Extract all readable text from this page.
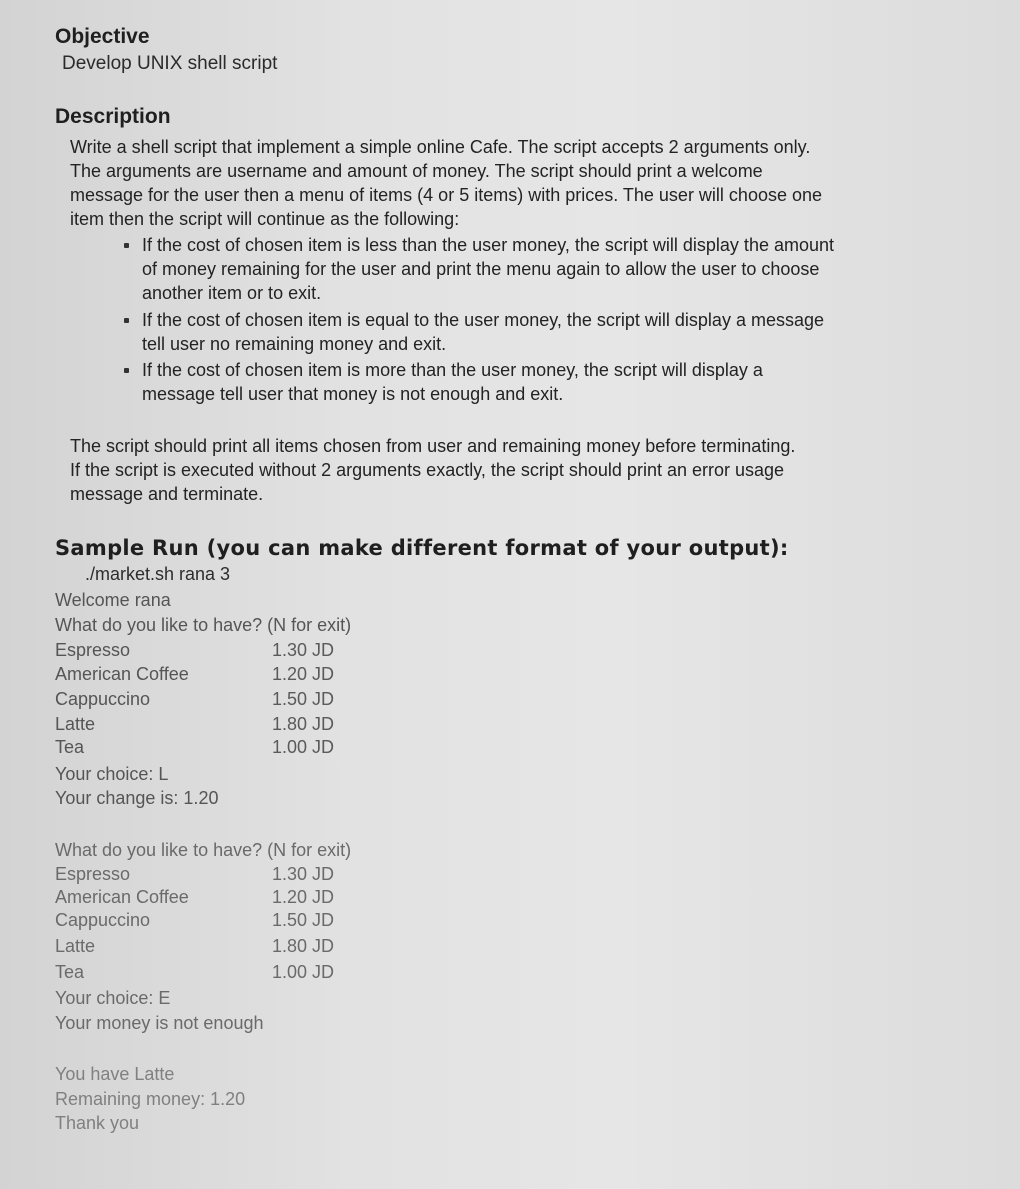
Objective
Develop UNIX shell script
Description
Write a shell script that implement a simple online Cafe. The script accepts 2 arguments only.
The arguments are username and amount of money. The script should print a welcome
message for the user then a menu of items (4 or 5 items) with prices. The user will choose one
item then the script will continue as the following:
If the cost of chosen item is less than the user money, the script will display the amount
of money remaining for the user and print the menu again to allow the user to choose
another item or to exit.
If the cost of chosen item is equal to the user money, the script will display a message
tell user no remaining money and exit.
If the cost of chosen item is more than the user money, the script will display a
message tell user that money is not enough and exit.
The script should print all items chosen from user and remaining money before terminating.
If the script is executed without 2 arguments exactly, the script should print an error usage
message and terminate.
Sample Run (you can make different format of your output):
./market.sh rana 3
Welcome rana
What do you like to have? (N for exit)
Espresso	1.30 JD
American Coffee	1.20 JD
Cappuccino	1.50 JD
Latte	1.80 JD
Tea	1.00 JD
Your choice: L
Your change is: 1.20
What do you like to have? (N for exit)
Espresso	1.30 JD
American Coffee	1.20 JD
Cappuccino	1.50 JD
Latte	1.80 JD
Tea	1.00 JD
Your choice: E
Your money is not enough
You have Latte
Remaining money: 1.20
Thank you
